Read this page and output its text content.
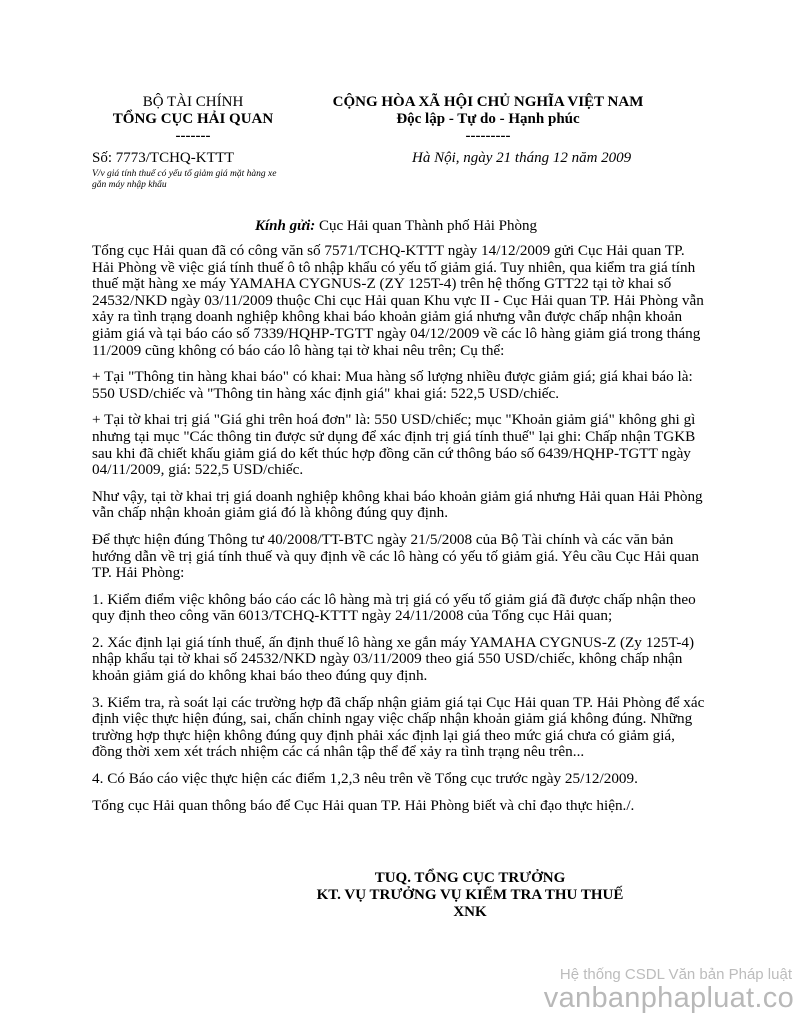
BỘ TÀI CHÍNH
TỔNG CỤC HẢI QUAN
-------
CỘNG HÒA XÃ HỘI CHỦ NGHĨA VIỆT NAM
Độc lập - Tự do - Hạnh phúc
---------
Số: 7773/TCHQ-KTTT	Hà Nội, ngày 21 tháng 12 năm 2009
V/v giá tính thuế có yếu tố giảm giá mặt hàng xe gắn máy nhập khẩu
Kính gửi: Cục Hải quan Thành phố Hải Phòng

Tổng cục Hải quan đã có công văn số 7571/TCHQ-KTTT ngày 14/12/2009 gửi Cục Hải quan TP. Hải Phòng về việc giá tính thuế ô tô nhập khẩu có yếu tố giảm giá. Tuy nhiên, qua kiểm tra giá tính thuế mặt hàng xe máy YAMAHA CYGNUS-Z (ZY 125T-4) trên hệ thống GTT22 tại tờ khai số 24532/NKD ngày 03/11/2009 thuộc Chi cục Hải quan Khu vực II - Cục Hải quan TP. Hải Phòng vẫn xảy ra tình trạng doanh nghiệp không khai báo khoản giảm giá nhưng vẫn được chấp nhận khoản giảm giá và tại báo cáo số 7339/HQHP-TGTT ngày 04/12/2009 về các lô hàng giảm giá trong tháng 11/2009 cũng không có báo cáo lô hàng tại tờ khai nêu trên; Cụ thể:

+ Tại "Thông tin hàng khai báo" có khai: Mua hàng số lượng nhiều được giảm giá; giá khai báo là: 550 USD/chiếc và "Thông tin hàng xác định giá" khai giá: 522,5 USD/chiếc.

+ Tại tờ khai trị giá "Giá ghi trên hoá đơn" là: 550 USD/chiếc; mục "Khoản giảm giá" không ghi gì nhưng tại mục "Các thông tin được sử dụng để xác định trị giá tính thuế" lại ghi: Chấp nhận TGKB sau khi đã chiết khấu giảm giá do kết thúc hợp đồng căn cứ thông báo số 6439/HQHP-TGTT ngày 04/11/2009, giá: 522,5 USD/chiếc.

Như vậy, tại tờ khai trị giá doanh nghiệp không khai báo khoản giảm giá nhưng Hải quan Hải Phòng vẫn chấp nhận khoản giảm giá đó là không đúng quy định.

Để thực hiện đúng Thông tư 40/2008/TT-BTC ngày 21/5/2008 của Bộ Tài chính và các văn bản hướng dẫn về trị giá tính thuế và quy định về các lô hàng có yếu tố giảm giá. Yêu cầu Cục Hải quan TP. Hải Phòng:

1. Kiểm điểm việc không báo cáo các lô hàng mà trị giá có yếu tố giảm giá đã được chấp nhận theo quy định theo công văn 6013/TCHQ-KTTT ngày 24/11/2008 của Tổng cục Hải quan;

2. Xác định lại giá tính thuế, ấn định thuế lô hàng xe gắn máy YAMAHA CYGNUS-Z (Zy 125T-4) nhập khẩu tại tờ khai số 24532/NKD ngày 03/11/2009 theo giá 550 USD/chiếc, không chấp nhận khoản giảm giá do không khai báo theo đúng quy định.

3. Kiểm tra, rà soát lại các trường hợp đã chấp nhận giảm giá tại Cục Hải quan TP. Hải Phòng để xác định việc thực hiện đúng, sai, chấn chỉnh ngay việc chấp nhận khoản giảm giá không đúng. Những trường hợp thực hiện không đúng quy định phải xác định lại giá theo mức giá chưa có giảm giá, đồng thời xem xét trách nhiệm các cá nhân tập thể để xảy ra tình trạng nêu trên...

4. Có Báo cáo việc thực hiện các điểm 1,2,3 nêu trên về Tổng cục trước ngày 25/12/2009.

Tổng cục Hải quan thông báo để Cục Hải quan TP. Hải Phòng biết và chỉ đạo thực hiện./.

TUQ. TỔNG CỤC TRƯỞNG
KT. VỤ TRƯỞNG VỤ KIỂM TRA THU THUẾ
XNK
Hệ thống CSDL Văn bản Pháp luật
vanbanphapluat.co
